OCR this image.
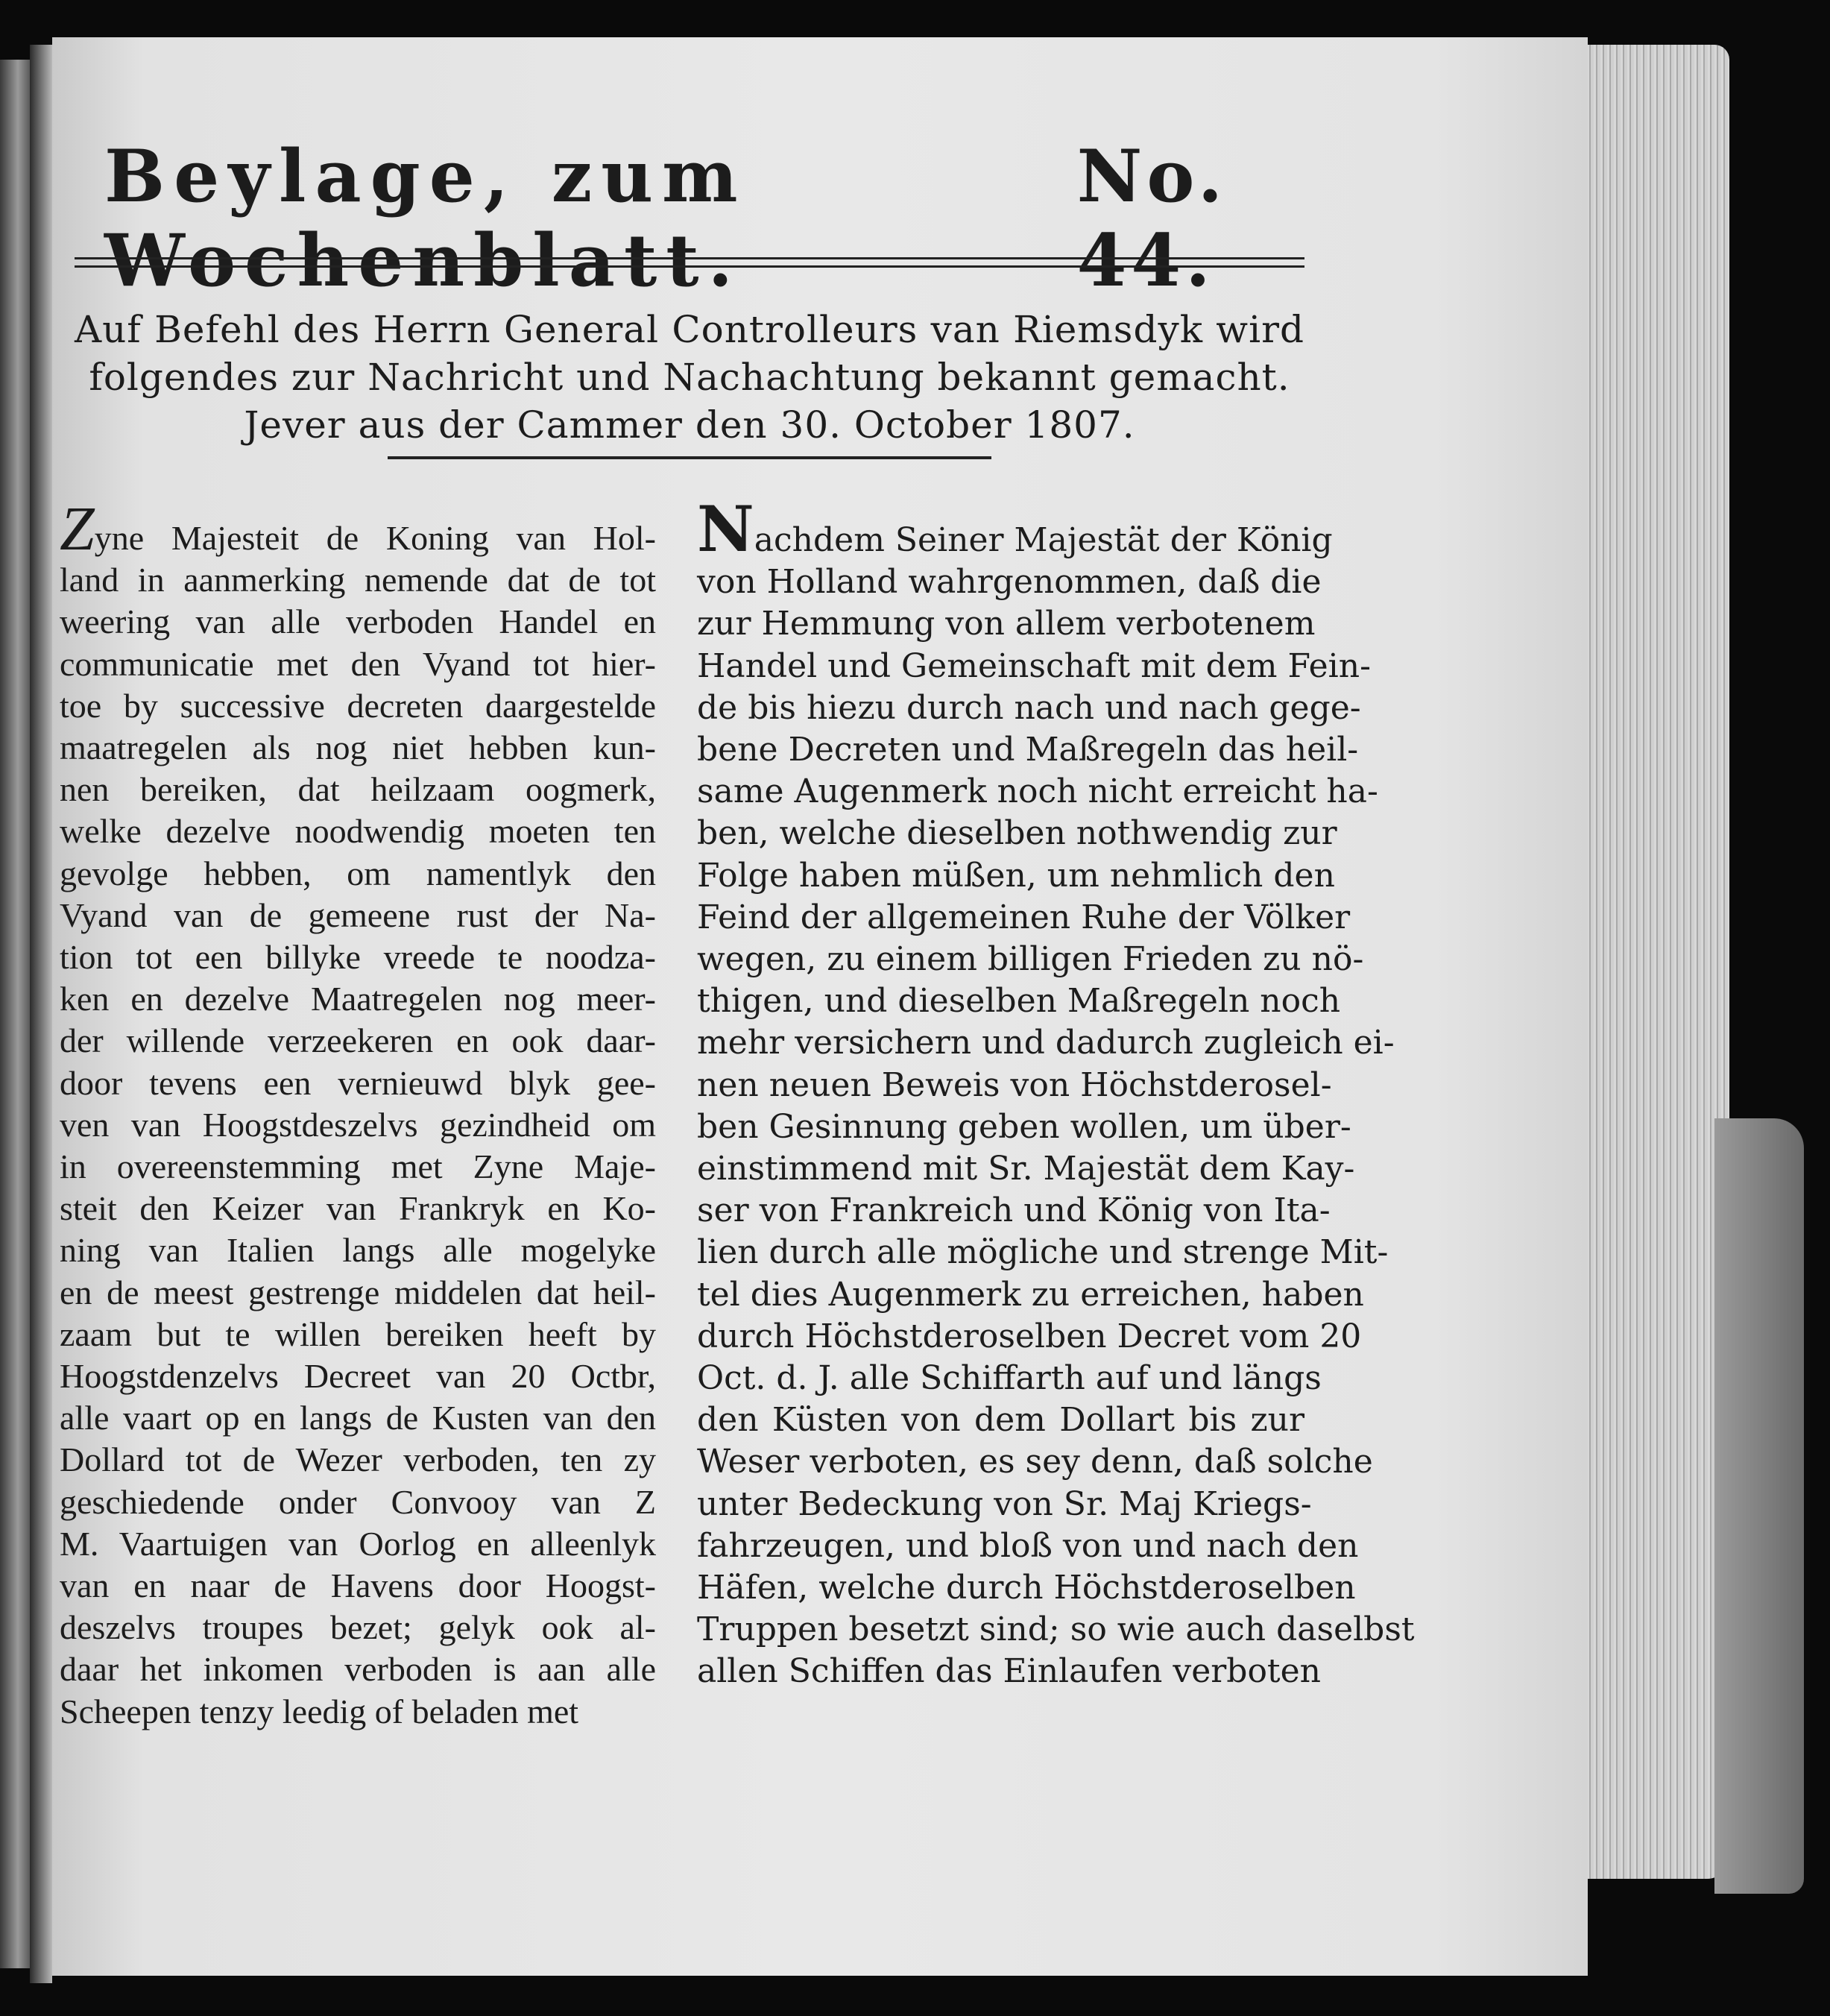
Beylage, zum Wochenblatt.
No. 44.
Auf Befehl des Herrn General Controlleurs van Riemsdyk wird
folgendes zur Nachricht und Nachachtung bekannt gemacht.
Jever aus der Cammer den 30. October 1807.
Zyne Majesteit de Koning van Hol-
land in aanmerking nemende dat de tot
weering van alle verboden Handel en
communicatie met den Vyand tot hier-
toe by successive decreten daargestelde
maatregelen als nog niet hebben kun-
nen bereiken, dat heilzaam oogmerk,
welke dezelve noodwendig moeten ten
gevolge hebben, om namentlyk den
Vyand van de gemeene rust der Na-
tion tot een billyke vreede te noodza-
ken en dezelve Maatregelen nog meer-
der willende verzeekeren en ook daar-
door tevens een vernieuwd blyk gee-
ven van Hoogstdeszelvs gezindheid om
in overeenstemming met Zyne Maje-
steit den Keizer van Frankryk en Ko-
ning van Italien langs alle mogelyke
en de meest gestrenge middelen dat heil-
zaam but te willen bereiken heeft by
Hoogstdenzelvs Decreet van 20 Octbr,
alle vaart op en langs de Kusten van den
Dollard tot de Wezer verboden, ten zy
geschiedende onder Convooy van Z
M. Vaartuigen van Oorlog en alleenlyk
van en naar de Havens door Hoogst-
deszelvs troupes bezet; gelyk ook al-
daar het inkomen verboden is aan alle
Scheepen tenzy leedig of beladen met
Nachdem Seiner Majestät der König
von Holland wahrgenommen, daß die
zur Hemmung von allem verbotenem
Handel und Gemeinschaft mit dem Fein-
de bis hiezu durch nach und nach gege-
bene Decreten und Maßregeln das heil-
same Augenmerk noch nicht erreicht ha-
ben, welche dieselben nothwendig zur
Folge haben müßen, um nehmlich den
Feind der allgemeinen Ruhe der Völker
wegen, zu einem billigen Frieden zu nö-
thigen, und dieselben Maßregeln noch
mehr versichern und dadurch zugleich ei-
nen neuen Beweis von Höchstderosel-
ben Gesinnung geben wollen, um über-
einstimmend mit Sr. Majestät dem Kay-
ser von Frankreich und König von Ita-
lien durch alle mögliche und strenge Mit-
tel dies Augenmerk zu erreichen, haben
durch Höchstderoselben Decret vom 20
Oct. d. J. alle Schiffarth auf und längs
den Küsten von dem Dollart bis zur
Weser verboten, es sey denn, daß solche
unter Bedeckung von Sr. Maj Kriegs-
fahrzeugen, und bloß von und nach den
Häfen, welche durch Höchstderoselben
Truppen besetzt sind; so wie auch daselbst
allen Schiffen das Einlaufen verboten
